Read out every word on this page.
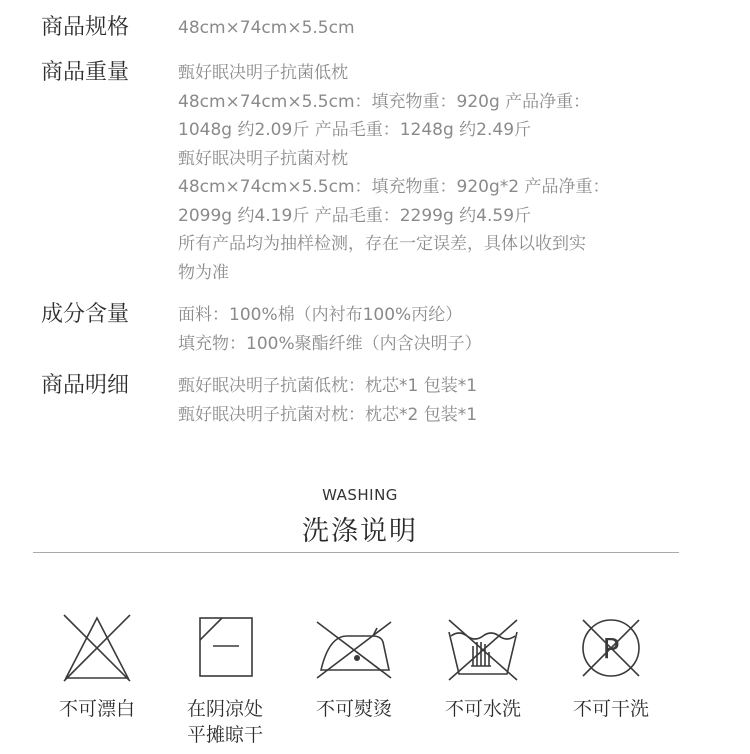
商品规格	48cm×74cm×5.5cm
商品重量	甄好眠决明子抗菌低枕
48cm×74cm×5.5cm：填充物重：920g 产品净重：
1048g 约2.09斤 产品毛重：1248g 约2.49斤
甄好眠决明子抗菌对枕
48cm×74cm×5.5cm：填充物重：920g*2 产品净重：
2099g 约4.19斤 产品毛重：2299g 约4.59斤
所有产品均为抽样检测，存在一定误差，具体以收到实
物为准
成分含量	面料：100%棉（内衬布100%丙纶）
填充物：100%聚酯纤维（内含决明子）
商品明细	甄好眠决明子抗菌低枕：枕芯*1 包装*1
甄好眠决明子抗菌对枕：枕芯*2 包装*1
WASHING
洗涤说明
不可漂白	在阴凉处
平摊晾干
不可熨烫	不可水洗
P
不可干洗
